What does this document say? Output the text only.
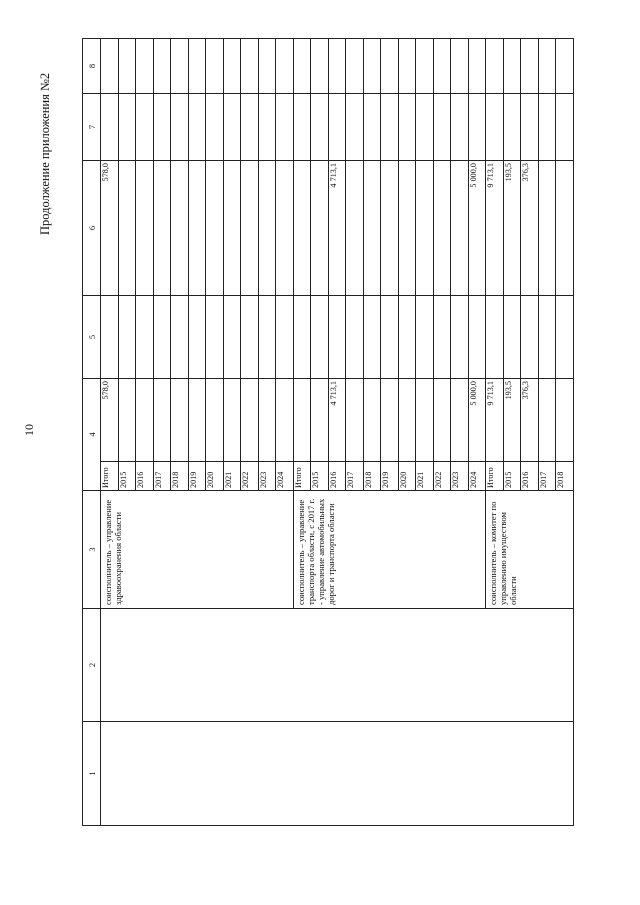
10
Продолжение приложения №2
1	2	3	4		5	6	7	8
		соисполнитель – управление здравоохранения области	Итого	578,0		578,0		
			2015					
			2016					
			2017					
			2018					
			2019					
			2020					
			2021					
			2022					
			2023					
			2024					
		соисполнитель – управление транспорта области, с 2017 г. - управление автомобильных дорог и транспорта области	Итого					
			2015					
			2016	4 713,1		4 713,1		
			2017					
			2018					
			2019					
			2020					
			2021					
			2022					
			2023					
			2024	5 000,0		5 000,0		
		соисполнитель – комитет по управлению имуществом области	Итого	9 713,1		9 713,1		
			2015	193,5		193,5		
			2016	376,3		376,3		
			2017					
			2018					
